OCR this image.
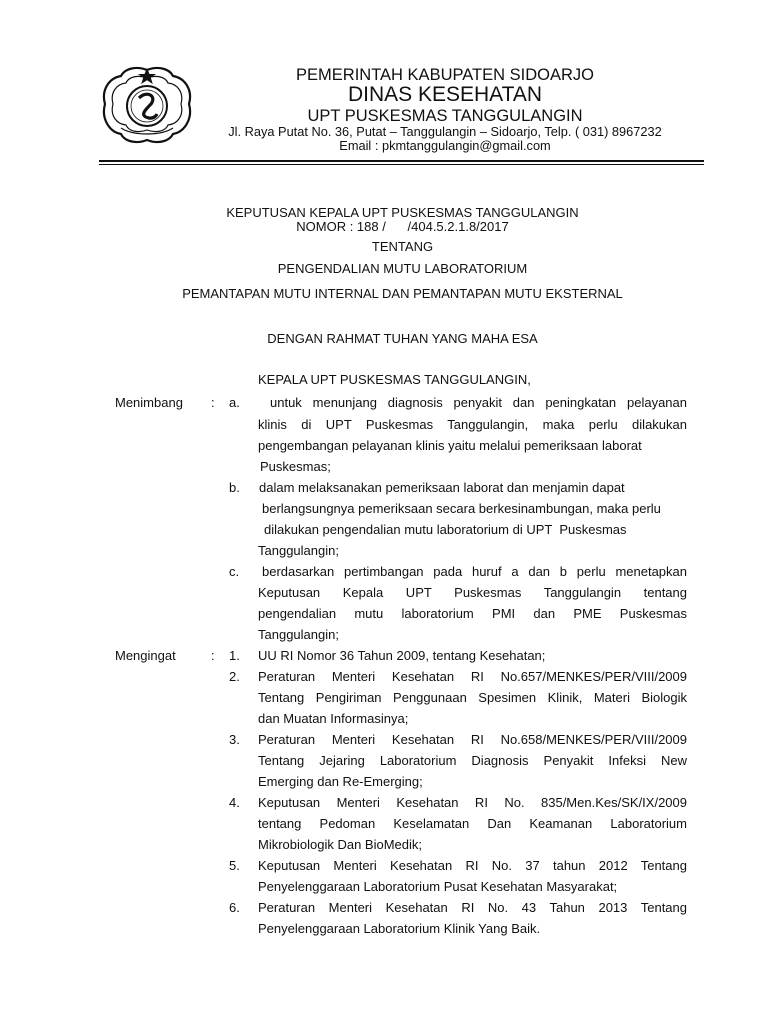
PEMERINTAH KABUPATEN SIDOARJO
DINAS KESEHATAN
UPT PUSKESMAS TANGGULANGIN
Jl. Raya Putat No. 36, Putat – Tanggulangin – Sidoarjo, Telp. ( 031) 8967232
Email : pkmtanggulangin@gmail.com
KEPUTUSAN KEPALA UPT PUSKESMAS TANGGULANGIN
NOMOR : 188 /      /404.5.2.1.8/2017
TENTANG
PENGENDALIAN MUTU LABORATORIUM
PEMANTAPAN MUTU INTERNAL DAN PEMANTAPAN MUTU EKSTERNAL
DENGAN RAHMAT TUHAN YANG MAHA ESA
KEPALA UPT PUSKESMAS TANGGULANGIN,
Menimbang : a. untuk menunjang diagnosis penyakit dan peningkatan pelayanan
klinis di UPT Puskesmas Tanggulangin, maka perlu dilakukan
pengembangan pelayanan klinis yaitu melalui pemeriksaan laborat
Puskesmas;
b. dalam melaksanakan pemeriksaan laborat dan menjamin dapat
berlangsungnya pemeriksaan secara berkesinambungan, maka perlu
dilakukan pengendalian mutu laboratorium di UPT  Puskesmas
Tanggulangin;
c. berdasarkan pertimbangan pada huruf a dan b perlu menetapkan
Keputusan Kepala UPT Puskesmas Tanggulangin tentang
pengendalian mutu laboratorium PMI dan PME Puskesmas
Tanggulangin;
Mengingat	: 1. UU RI Nomor 36 Tahun 2009, tentang Kesehatan;
2. Peraturan Menteri Kesehatan RI No.657/MENKES/PER/VIII/2009
Tentang Pengiriman Penggunaan Spesimen Klinik, Materi Biologik
dan Muatan Informasinya;
3. Peraturan Menteri Kesehatan RI No.658/MENKES/PER/VIII/2009
Tentang Jejaring Laboratorium Diagnosis Penyakit Infeksi New
Emerging dan Re-Emerging;
4. Keputusan Menteri Kesehatan RI No. 835/Men.Kes/SK/IX/2009
tentang Pedoman Keselamatan Dan Keamanan Laboratorium
Mikrobiologik Dan BioMedik;
5. Keputusan Menteri Kesehatan RI No. 37 tahun 2012 Tentang
Penyelenggaraan Laboratorium Pusat Kesehatan Masyarakat;
6. Peraturan Menteri Kesehatan RI No. 43 Tahun 2013 Tentang
Penyelenggaraan Laboratorium Klinik Yang Baik.
